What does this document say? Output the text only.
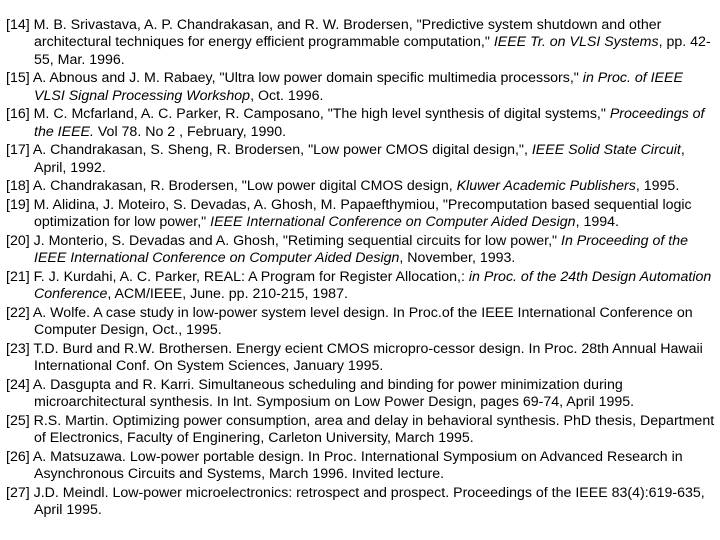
[14] M. B. Srivastava, A. P. Chandrakasan, and R. W. Brodersen, "Predictive system shutdown and other architectural techniques for energy efficient programmable computation," IEEE Tr. on VLSI Systems, pp. 42-55, Mar. 1996.
[15] A. Abnous and J. M. Rabaey, "Ultra low power domain specific multimedia processors," in Proc. of IEEE VLSI Signal Processing Workshop, Oct. 1996.
[16] M. C. Mcfarland, A. C. Parker, R. Camposano, "The high level synthesis of digital systems," Proceedings of the IEEE. Vol 78. No 2 , February, 1990.
[17] A. Chandrakasan, S. Sheng, R. Brodersen, "Low power CMOS digital design,", IEEE Solid State Circuit, April, 1992.
[18] A. Chandrakasan, R. Brodersen, "Low power digital CMOS design, Kluwer Academic Publishers, 1995.
[19] M. Alidina, J. Moteiro, S. Devadas, A. Ghosh, M. Papaefthymiou, "Precomputation based sequential logic optimization for low power," IEEE International Conference on Computer Aided Design, 1994.
[20] J. Monterio, S. Devadas and A. Ghosh, "Retiming sequential circuits for low power," In Proceeding of the IEEE International Conference on Computer Aided Design, November, 1993.
[21] F. J. Kurdahi, A. C. Parker, REAL: A Program for Register Allocation,: in Proc. of the 24th Design Automation Conference, ACM/IEEE, June. pp. 210-215, 1987.
[22] A. Wolfe. A case study in low-power system level design. In Proc.of the IEEE International Conference on Computer Design, Oct., 1995.
[23] T.D. Burd and R.W. Brothersen. Energy ecient CMOS micropro-cessor design. In Proc. 28th Annual Hawaii International Conf. On System Sciences, January 1995.
[24] A. Dasgupta and R. Karri. Simultaneous scheduling and binding for power minimization during microarchitectural synthesis. In Int. Symposium on Low Power Design, pages 69-74, April 1995.
[25] R.S. Martin. Optimizing power consumption, area and delay in behavioral synthesis. PhD thesis, Department of Electronics, Faculty of Enginering, Carleton University, March 1995.
[26] A. Matsuzawa. Low-power portable design. In Proc. International Symposium on Advanced Research in Asynchronous Circuits and Systems, March 1996. Invited lecture.
[27] J.D. Meindl. Low-power microelectronics: retrospect and prospect. Proceedings of the IEEE 83(4):619-635, April 1995.
